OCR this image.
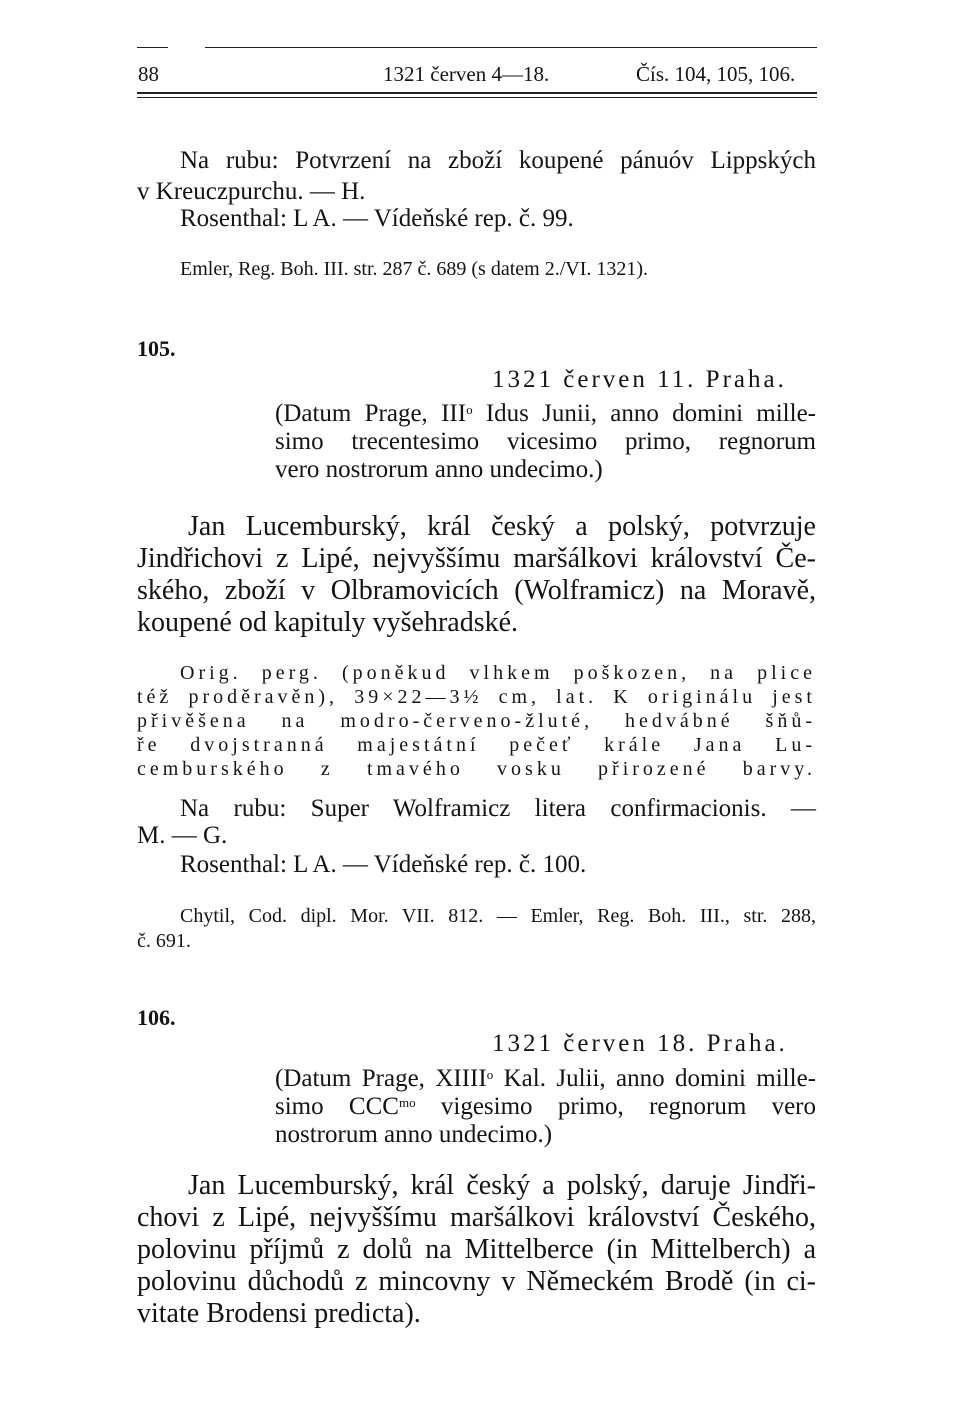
88	1321 červen 4—18.	Čís. 104, 105, 106.

Na rubu: Potvrzení na zboží koupené pánuóv Lippských

v Kreuczpurchu. — H.

Rosenthal: L A. — Vídeňské rep. č. 99.

Emler, Reg. Boh. III. str. 287 č. 689 (s datem 2./VI. 1321).

105.

1321 červen 11. Praha.

(Datum Prage, III$^o$ Idus Junii, anno domini mille-

simo trecentesimo vicesimo primo, regnorum

vero nostrorum anno undecimo.)

Jan Lucemburský, král český a polský, potvrzuje

Jindřichovi z Lipé, nejvyššímu maršálkovi království Če-

ského, zboží v Olbramovicích (Wolframicz) na Moravě,

koupené od kapituly vyšehradské.

Orig. perg. (poněkud vlhkem poškozen, na plice

též proděravěn), 39×22—3½ cm, lat. K originálu jest

přivěšena na modro-červeno-žluté, hedvábné šňů-

ře dvojstranná majestátní pečeť krále Jana Lu-

cemburského z tmavého vosku přirozené barvy.

Na rubu: Super Wolframicz litera confirmacionis. —

M. — G.

Rosenthal: L A. — Vídeňské rep. č. 100.

Chytil, Cod. dipl. Mor. VII. 812. — Emler, Reg. Boh. III., str. 288,

č. 691.

106.

1321 červen 18. Praha.

(Datum Prage, XIIII$^o$ Kal. Julii, anno domini mille-

simo $CCC^{mo}$ vigesimo primo, regnorum vero

nostrorum anno undecimo.)

Jan Lucemburský, král český a polský, daruje Jindři-

chovi z Lipé, nejvyššímu maršálkovi království Českého,

polovinu příjmů z dolů na Mittelberce (in Mittelberch) a

polovinu důchodů z mincovny v Německém Brodě (in ci-

vitate Brodensi predicta).
